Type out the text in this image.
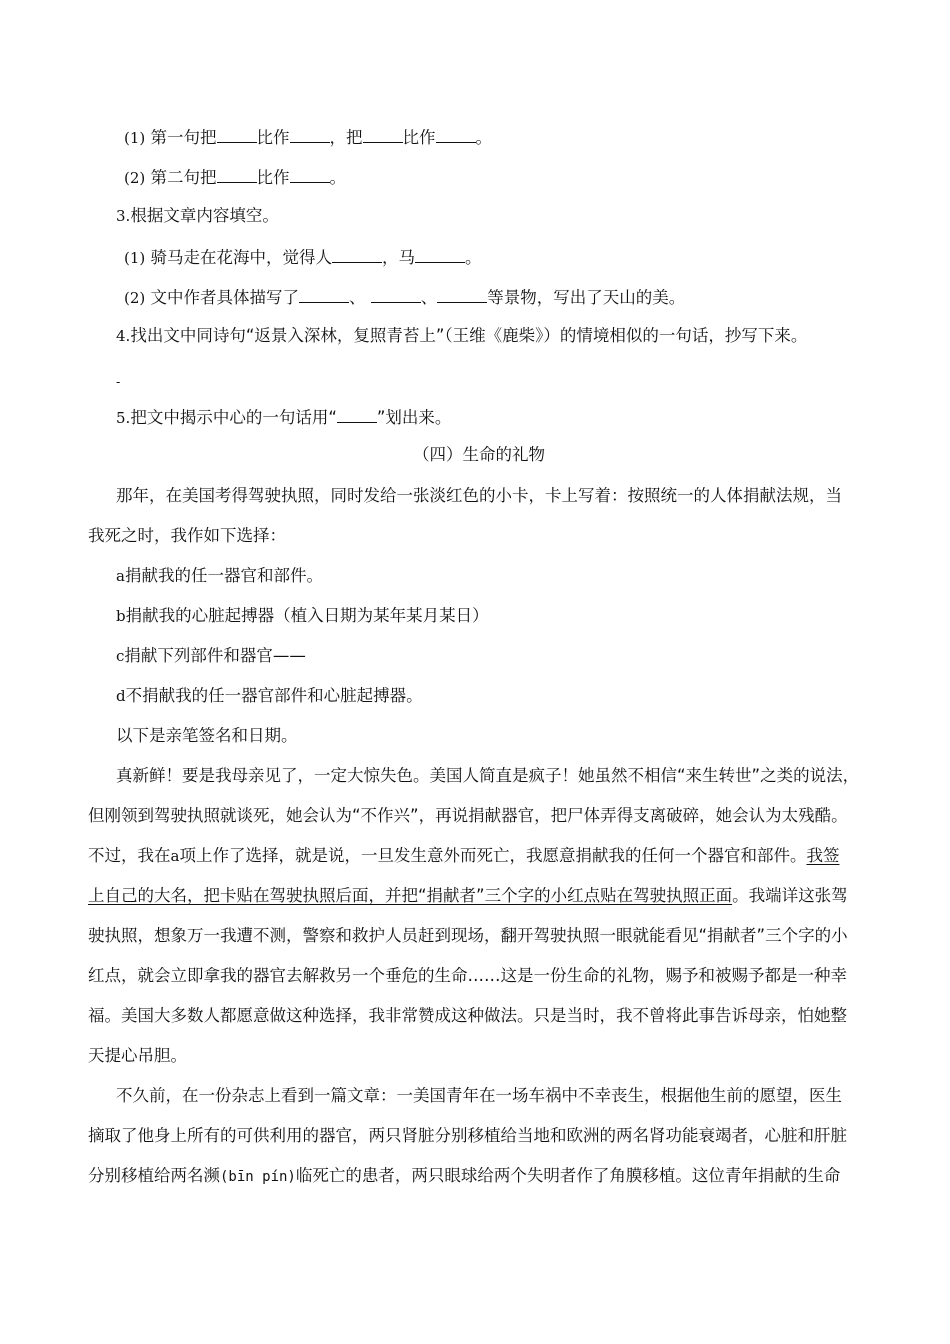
(1) 第一句把 比作 ，把 比作 。
(2) 第二句把 比作 。
3.根据文章内容填空。
(1) 骑马走在花海中，觉得人	，马	。
(2) 文中作者具体描写了	、	、	等景物，写出了天山的美。
4.找出文中同诗句“返景入深林，复照青苔上”（王维《鹿柴》）的情境相似的一句话，抄写下来。
-
5.把文中揭示中心的一句话用“ ”划出来。
（四）生命的礼物
那年，在美国考得驾驶执照，同时发给一张淡红色的小卡，卡上写着：按照统一的人体捐献法规，当
我死之时，我作如下选择：
a捐献我的任一器官和部件。
b捐献我的心脏起搏器（植入日期为某年某月某日）
c捐献下列部件和器官——
d不捐献我的任一器官部件和心脏起搏器。
以下是亲笔签名和日期。
真新鲜！要是我母亲见了，一定大惊失色。美国人简直是疯子！她虽然不相信“来生转世”之类的说法，
但刚领到驾驶执照就谈死，她会认为“不作兴”，再说捐献器官，把尸体弄得支离破碎，她会认为太残酷。
不过，我在a项上作了选择，就是说，一旦发生意外而死亡，我愿意捐献我的任何一个器官和部件。我签
上自己的大名，把卡贴在驾驶执照后面，并把“捐献者”三个字的小红点贴在驾驶执照正面。我端详这张驾
驶执照，想象万一我遭不测，警察和救护人员赶到现场，翻开驾驶执照一眼就能看见“捐献者”三个字的小
红点，就会立即拿我的器官去解救另一个垂危的生命……这是一份生命的礼物，赐予和被赐予都是一种幸
福。美国大多数人都愿意做这种选择，我非常赞成这种做法。只是当时，我不曾将此事告诉母亲，怕她整
天提心吊胆。
不久前，在一份杂志上看到一篇文章：一美国青年在一场车祸中不幸丧生，根据他生前的愿望，医生
摘取了他身上所有的可供利用的器官，两只肾脏分别移植给当地和欧洲的两名肾功能衰竭者，心脏和肝脏
分别移植给两名濒(bīn pín)临死亡的患者，两只眼球给两个失明者作了角膜移植。这位青年捐献的生命
